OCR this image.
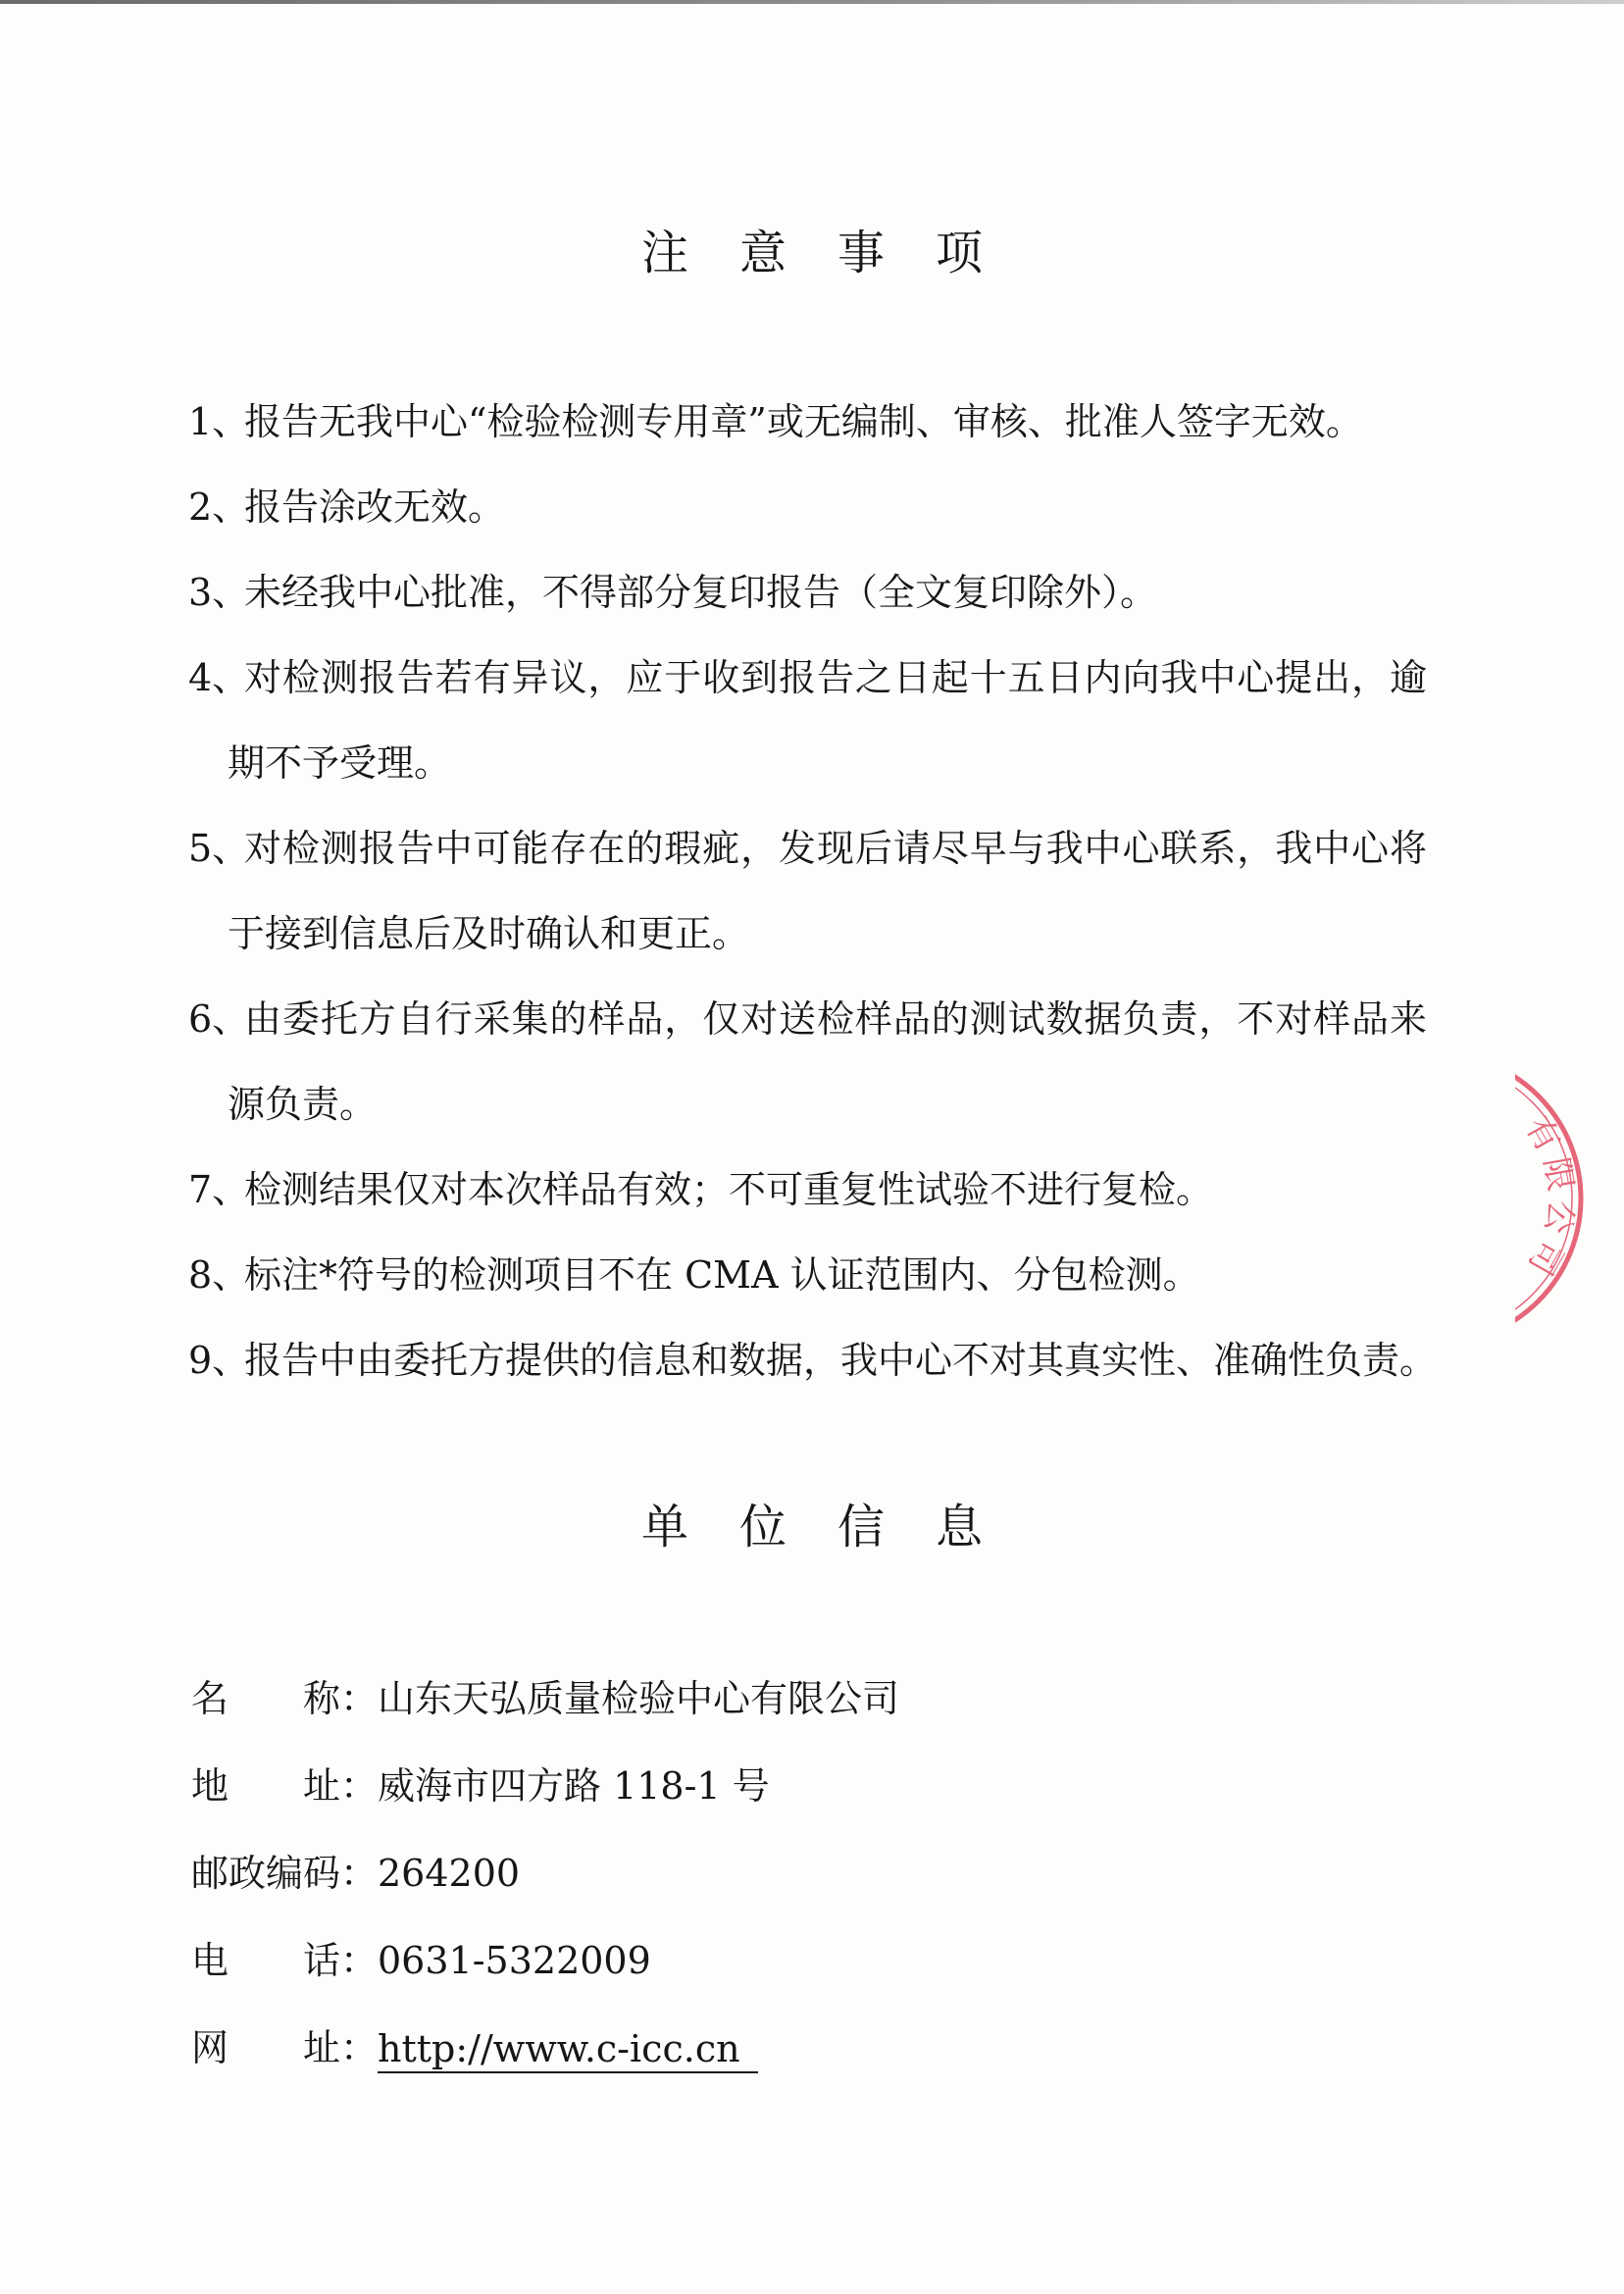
注意事项
1、
报告无我中心“检验检测专用章”或无编制、审核、批准人签字无效。
2、
报告涂改无效。
3、
未经我中心批准，不得部分复印报告（全文复印除外）。
4、
对检测报告若有异议，应于收到报告之日起十五日内向我中心提出，逾
期不予受理。
5、
对检测报告中可能存在的瑕疵，发现后请尽早与我中心联系，我中心将
于接到信息后及时确认和更正。
6、
由委托方自行采集的样品，仅对送检样品的测试数据负责，不对样品来
源负责。
7、
检测结果仅对本次样品有效；不可重复性试验不进行复检。
8、
标注*符号的检测项目不在 CMA 认证范围内、分包检测。
9、
报告中由委托方提供的信息和数据，我中心不对其真实性、准确性负责。
单位信息
名称：山东天弘质量检验中心有限公司
地址：威海市四方路 118-1 号
邮政编码：264200
电话：0631-5322009
网址：http://www.c-icc.cn
有限公司
